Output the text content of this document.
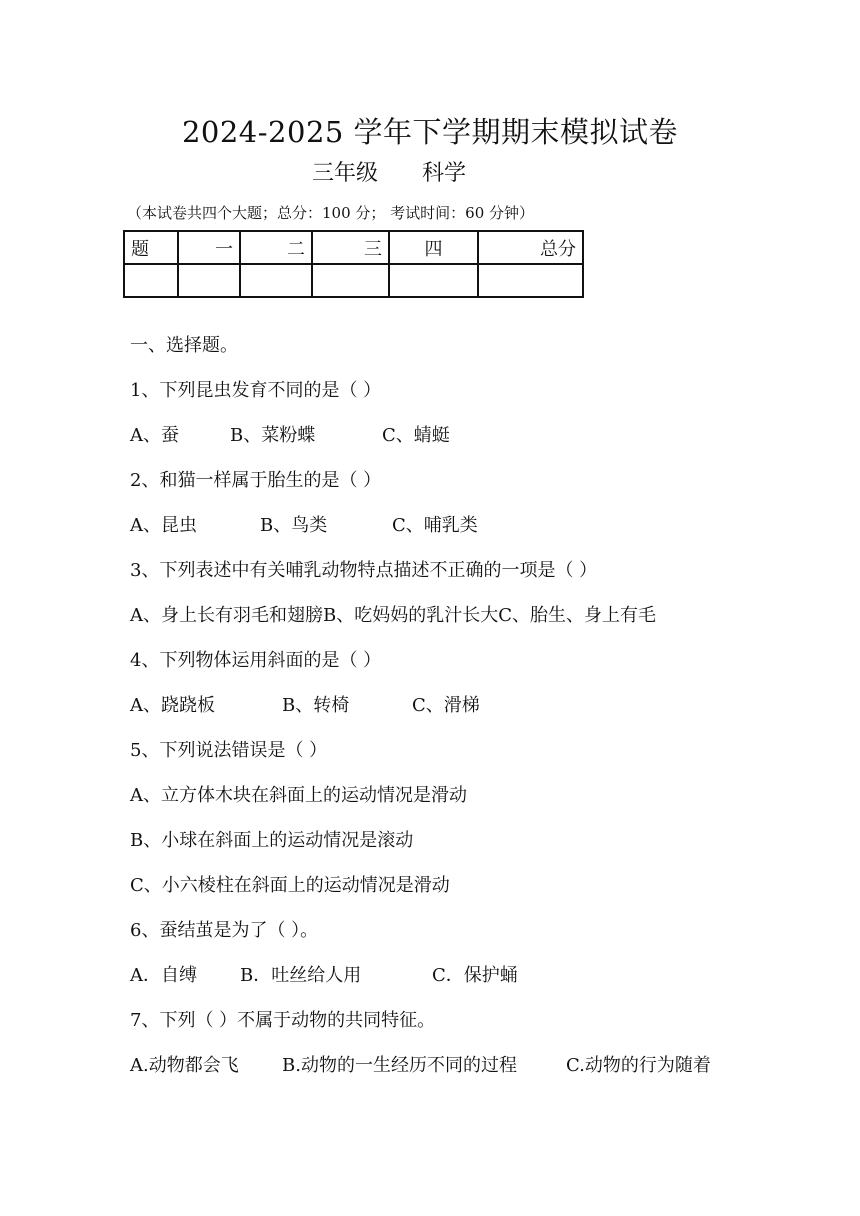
2024-2025 学年下学期期末模拟试卷
三年级 科学
（本试卷共四个大题；总分：100 分； 考试时间：60 分钟）
题	一	二	三	四	总分

一、选择题。
1、下列昆虫发育不同的是（ ）
A、蚕	B、菜粉蝶	C、蜻蜓
2、和猫一样属于胎生的是（ ）
A、昆虫	B、鸟类	C、哺乳类
3、下列表述中有关哺乳动物特点描述不正确的一项是（ ）
A、身上长有羽毛和翅膀B、吃妈妈的乳汁长大C、胎生、身上有毛
4、下列物体运用斜面的是（ ）
A、跷跷板	B、转椅	C、滑梯
5、下列说法错误是（ ）
A、立方体木块在斜面上的运动情况是滑动
B、小球在斜面上的运动情况是滚动
C、小六棱柱在斜面上的运动情况是滑动
6、蚕结茧是为了（ ）。
A．自缚 B．吐丝给人用	C．保护蛹
7、下列（ ）不属于动物的共同特征。
A.动物都会飞 B.动物的一生经历不同的过程	C.动物的行为随着
